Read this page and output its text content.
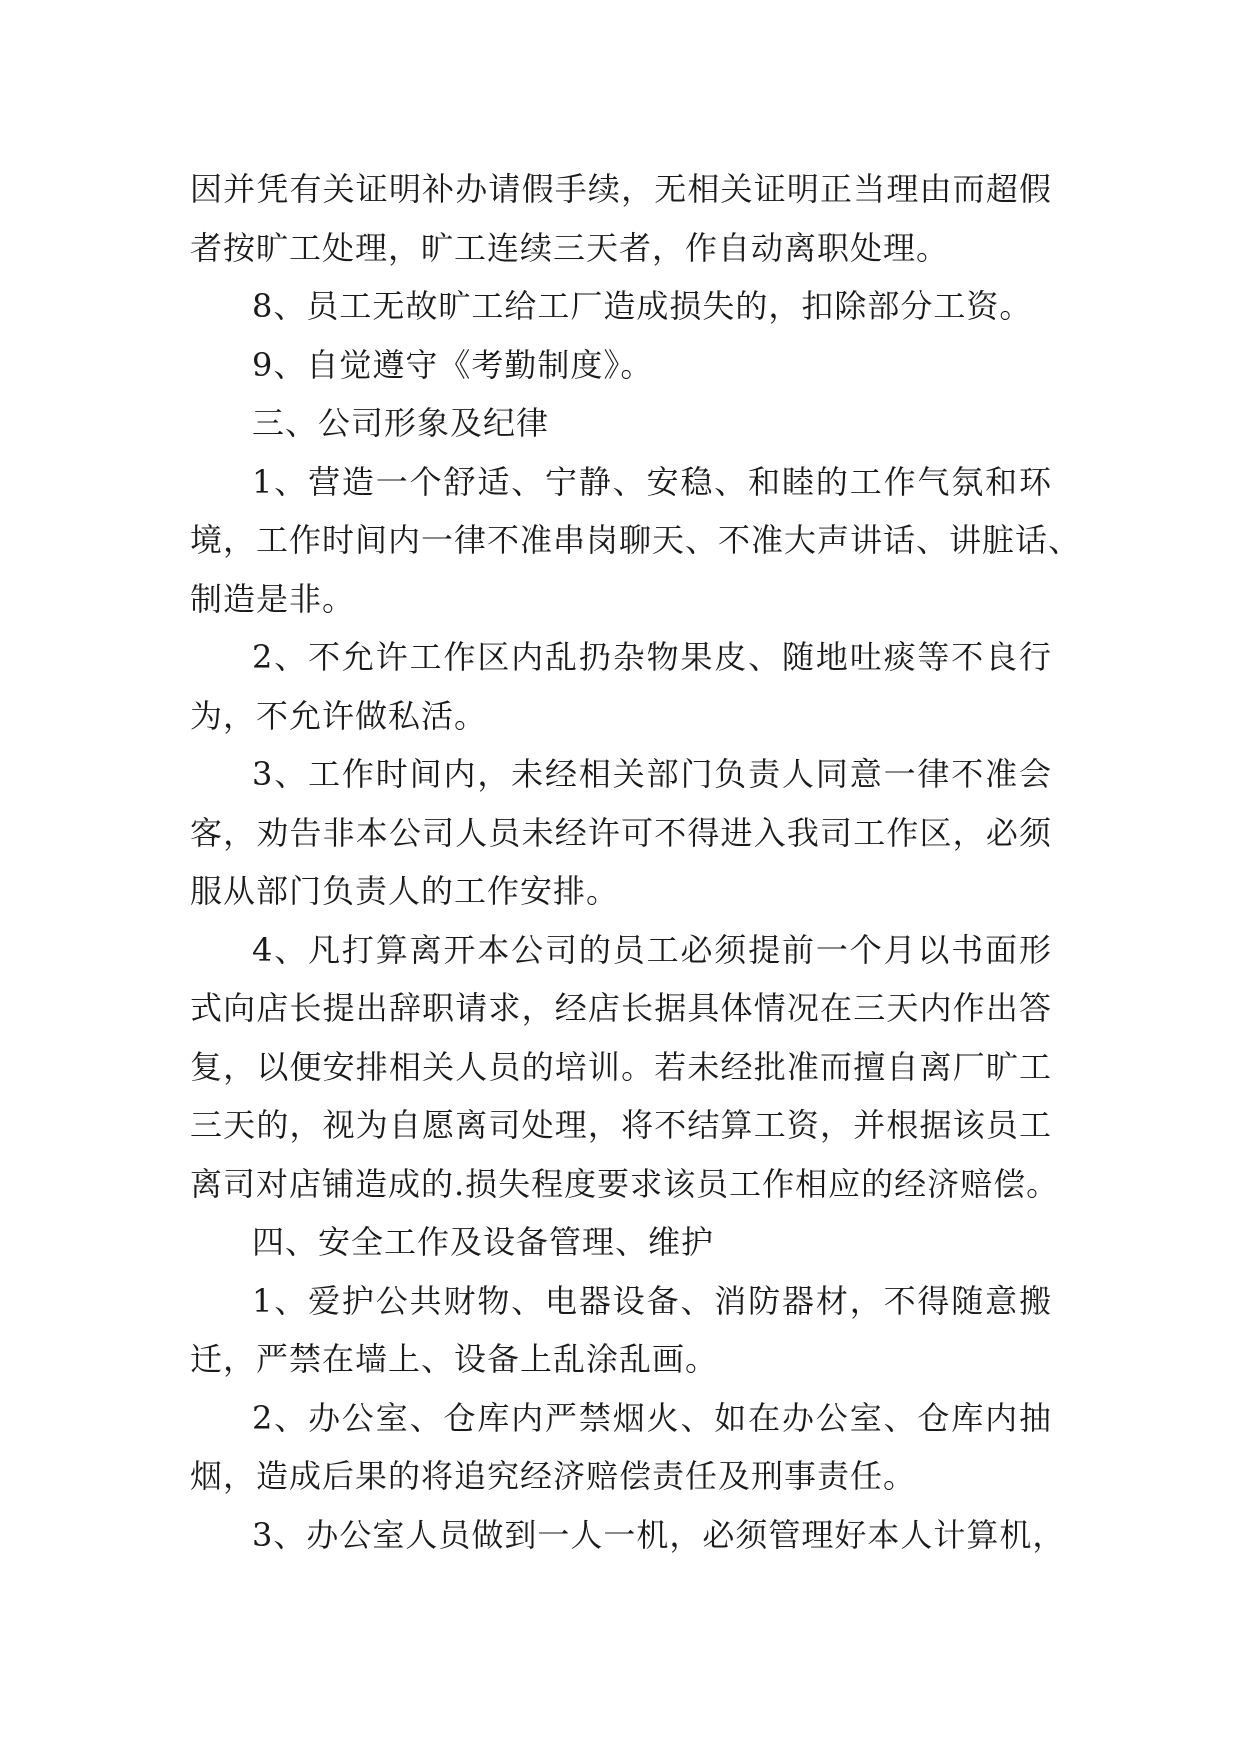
因并凭有关证明补办请假手续，无相关证明正当理由而超假
者按旷工处理，旷工连续三天者，作自动离职处理。
8、员工无故旷工给工厂造成损失的，扣除部分工资。
9、自觉遵守《考勤制度》。
三、公司形象及纪律
1、营造一个舒适、宁静、安稳、和睦的工作气氛和环
境，工作时间内一律不准串岗聊天、不准大声讲话、讲脏话、
制造是非。
2、不允许工作区内乱扔杂物果皮、随地吐痰等不良行
为，不允许做私活。
3、工作时间内，未经相关部门负责人同意一律不准会
客，劝告非本公司人员未经许可不得进入我司工作区，必须
服从部门负责人的工作安排。
4、凡打算离开本公司的员工必须提前一个月以书面形
式向店长提出辞职请求，经店长据具体情况在三天内作出答
复，以便安排相关人员的培训。若未经批准而擅自离厂旷工
三天的，视为自愿离司处理，将不结算工资，并根据该员工
离司对店铺造成的.损失程度要求该员工作相应的经济赔偿。
四、安全工作及设备管理、维护
1、爱护公共财物、电器设备、消防器材，不得随意搬
迁，严禁在墙上、设备上乱涂乱画。
2、办公室、仓库内严禁烟火、如在办公室、仓库内抽
烟，造成后果的将追究经济赔偿责任及刑事责任。
3、办公室人员做到一人一机，必须管理好本人计算机，
